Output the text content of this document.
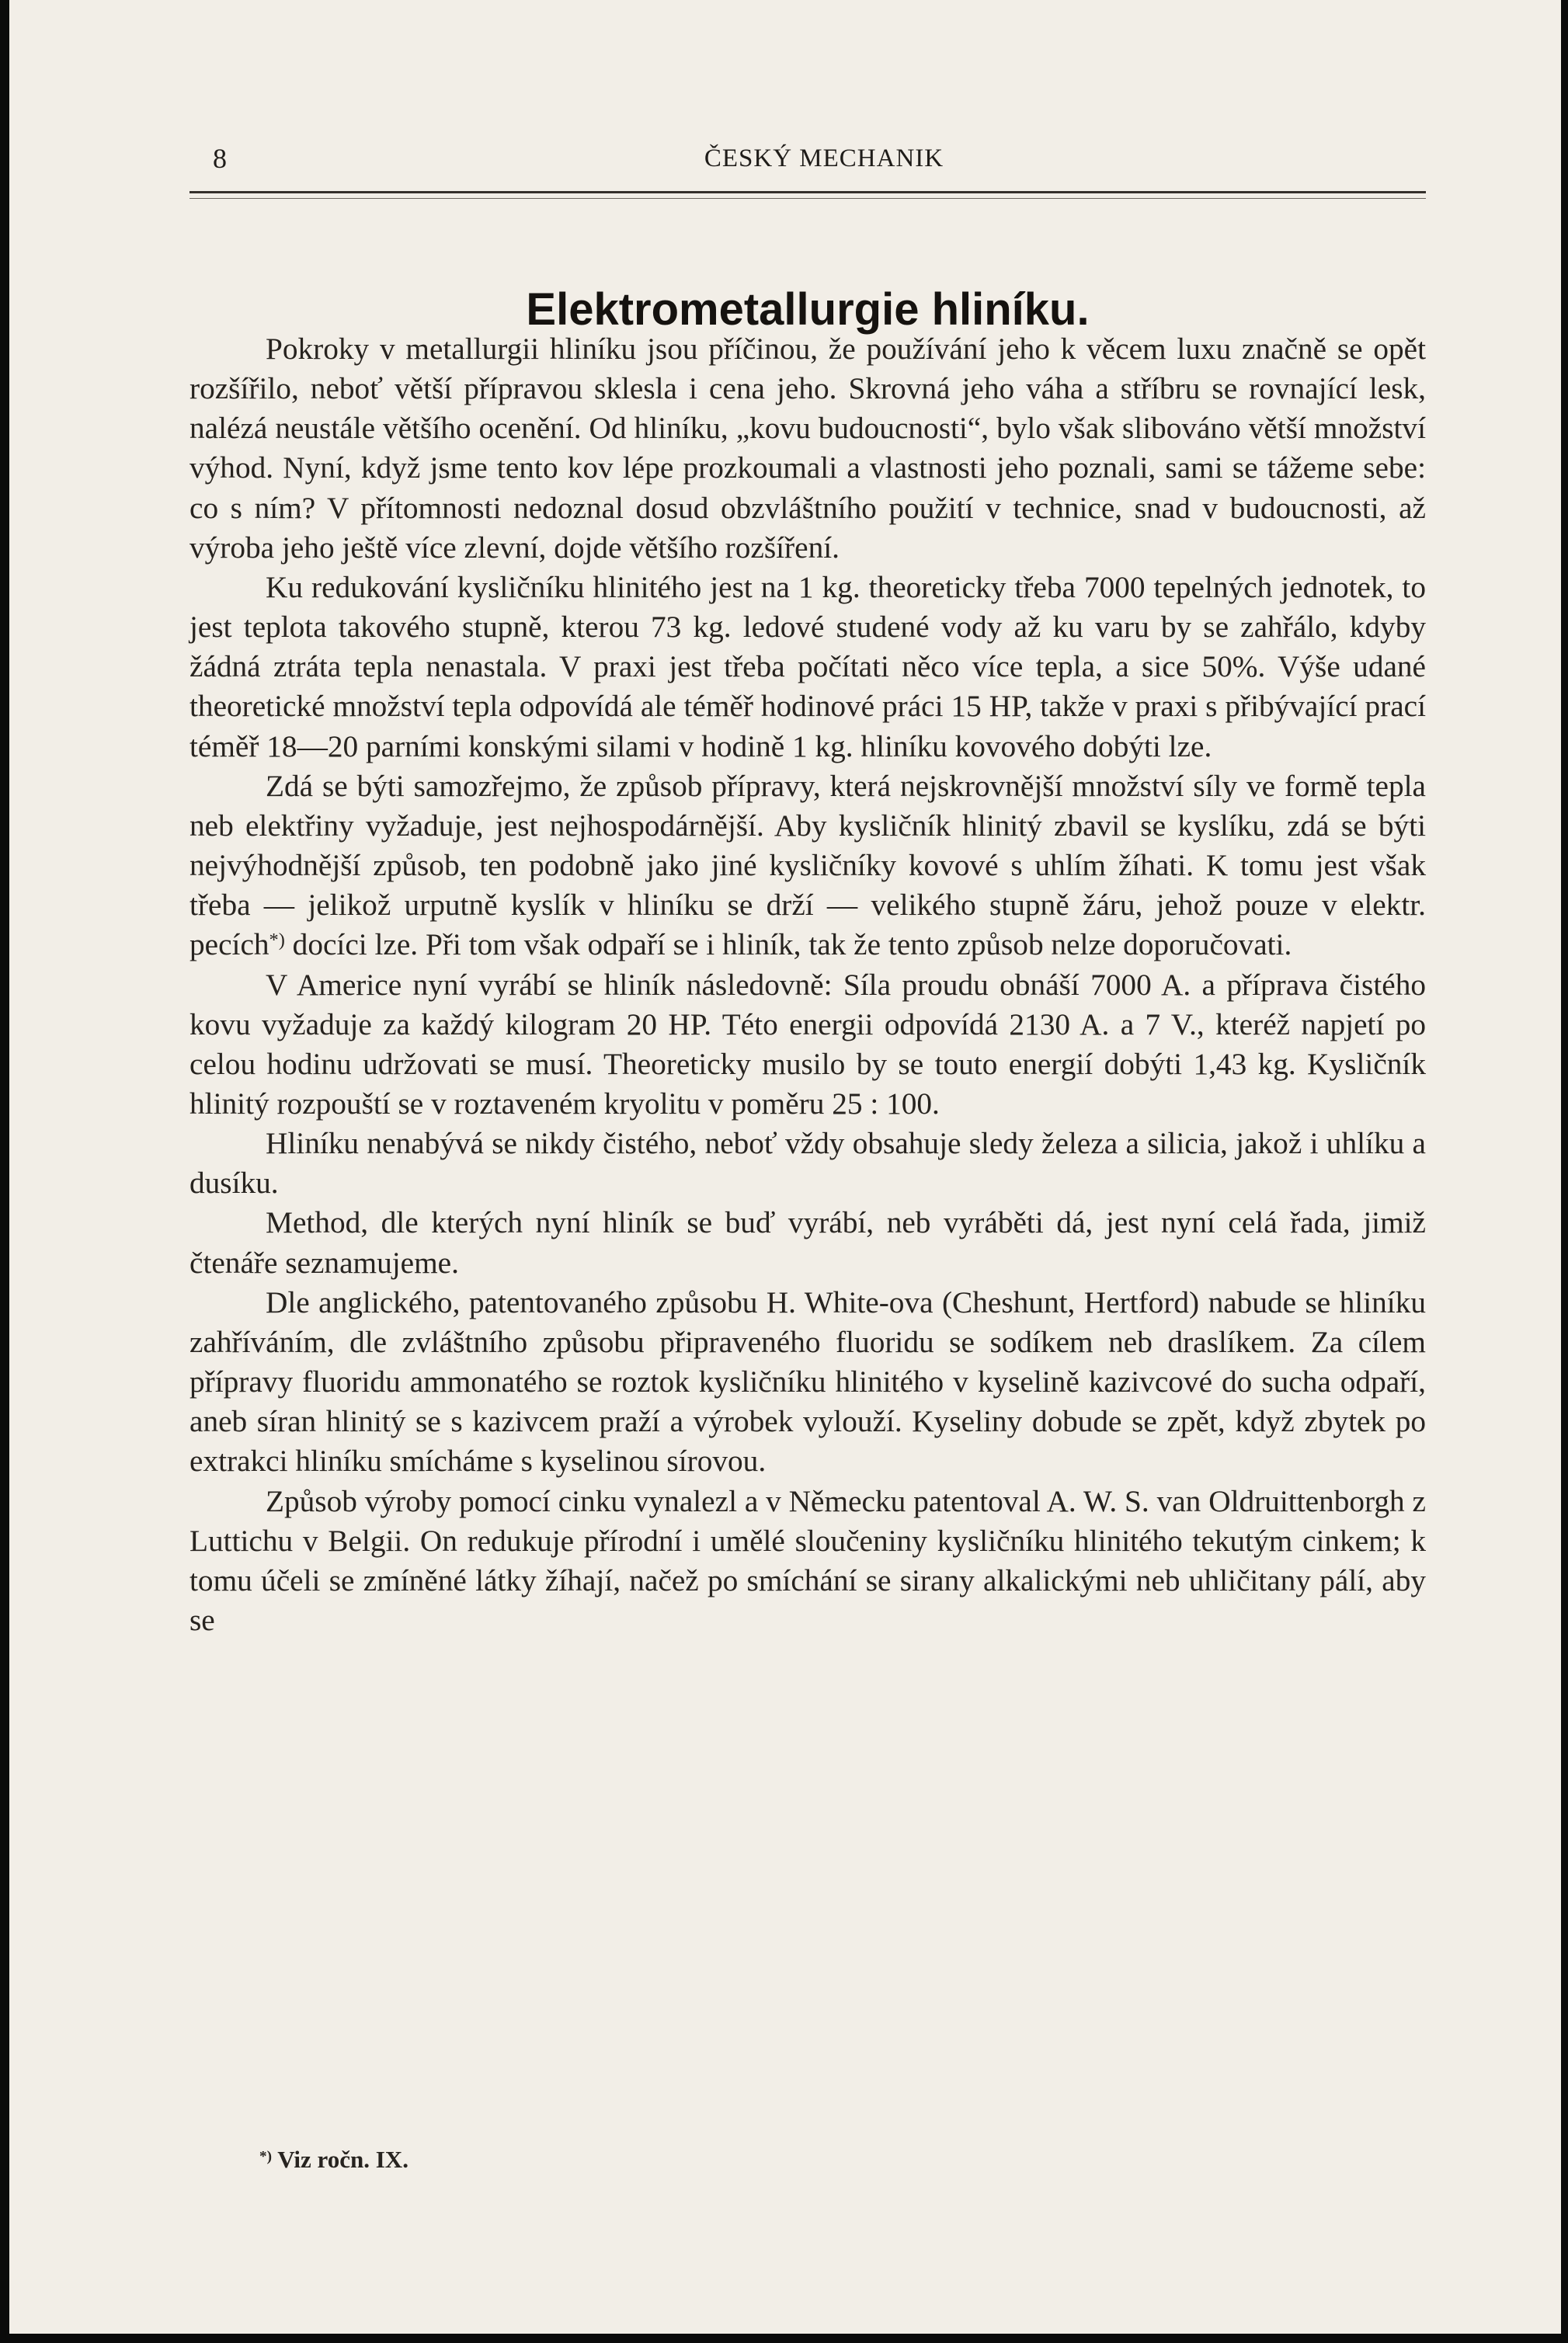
8	ČESKÝ MECHANIK
Elektrometallurgie hliníku.

Pokroky v metallurgii hliníku jsou příčinou, že používání jeho k věcem luxu značně se opět rozšířilo, neboť větší přípravou sklesla i cena jeho. Skrovná jeho váha a stříbru se rovnající lesk, nalézá neustále většího ocenění. Od hliníku, „kovu budoucnosti“, bylo však slibováno větší množství výhod. Nyní, když jsme tento kov lépe prozkoumali a vlastnosti jeho poznali, sami se tážeme sebe: co s ním? V přítomnosti nedoznal dosud obzvláštního použití v technice, snad v budoucnosti, až výroba jeho ještě více zlevní, dojde většího rozšíření.

Ku redukování kysličníku hlinitého jest na 1 kg. theoreticky třeba 7000 tepelných jednotek, to jest teplota takového stupně, kterou 73 kg. ledové studené vody až ku varu by se zahřálo, kdyby žádná ztráta tepla nenastala. V praxi jest třeba počítati něco více tepla, a sice 50%. Výše udané theoretické množství tepla odpovídá ale téměř hodinové práci 15 HP, takže v praxi s přibývající prací téměř 18—20 parními konskými silami v hodině 1 kg. hliníku kovového dobýti lze.

Zdá se býti samozřejmo, že způsob přípravy, která nejskrovnější množství síly ve formě tepla neb elektřiny vyžaduje, jest nejhospodárnější. Aby kysličník hlinitý zbavil se kyslíku, zdá se býti nejvýhodnější způsob, ten podobně jako jiné kysličníky kovové s uhlím žíhati. K tomu jest však třeba — jelikož urputně kyslík v hliníku se drží — velikého stupně žáru, jehož pouze v elektr. pecích*) docíci lze. Při tom však odpaří se i hliník, tak že tento způsob nelze doporučovati.

V Americe nyní vyrábí se hliník následovně: Síla proudu obnáší 7000 A. a příprava čistého kovu vyžaduje za každý kilogram 20 HP. Této energii odpovídá 2130 A. a 7 V., kteréž napjetí po celou hodinu udržovati se musí. Theoreticky musilo by se touto energií dobýti 1,43 kg. Kysličník hlinitý rozpouští se v roztaveném kryolitu v poměru 25 : 100.

Hliníku nenabývá se nikdy čistého, neboť vždy obsahuje sledy železa a silicia, jakož i uhlíku a dusíku.

Method, dle kterých nyní hliník se buď vyrábí, neb vyráběti dá, jest nyní celá řada, jimiž čtenáře seznamujeme.

Dle anglického, patentovaného způsobu H. White-ova (Cheshunt, Hertford) nabude se hliníku zahříváním, dle zvláštního způsobu připraveného fluoridu se sodíkem neb draslíkem. Za cílem přípravy fluoridu ammonatého se roztok kysličníku hlinitého v kyselině kazivcové do sucha odpaří, aneb síran hlinitý se s kazivcem praží a výrobek vylouží. Kyseliny dobude se zpět, když zbytek po extrakci hliníku smícháme s kyselinou sírovou.

Způsob výroby pomocí cinku vynalezl a v Německu patentoval A. W. S. van Oldruittenborgh z Luttichu v Belgii. On redukuje přírodní i umělé sloučeniny kysličníku hlinitého tekutým cinkem; k tomu účeli se zmíněné látky žíhají, načež po smíchání se sirany alkalickými neb uhličitany pálí, aby se

*) Viz ročn. IX.
